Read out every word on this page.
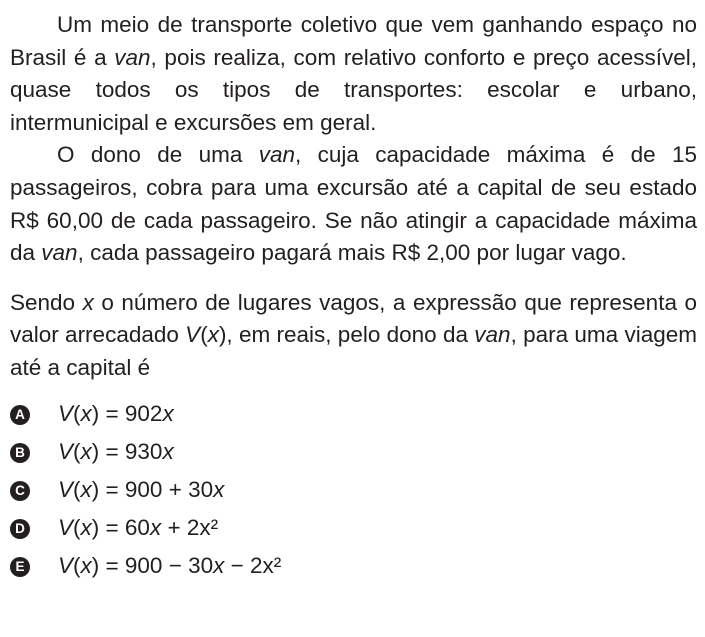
Um meio de transporte coletivo que vem ganhando espaço no Brasil é a van, pois realiza, com relativo conforto e preço acessível, quase todos os tipos de transportes: escolar e urbano, intermunicipal e excursões em geral.

O dono de uma van, cuja capacidade máxima é de 15 passageiros, cobra para uma excursão até a capital de seu estado R$ 60,00 de cada passageiro. Se não atingir a capacidade máxima da van, cada passageiro pagará mais R$ 2,00 por lugar vago.

Sendo x o número de lugares vagos, a expressão que representa o valor arrecadado V(x), em reais, pelo dono da van, para uma viagem até a capital é

A V(x) = 902x
B V(x) = 930x
C V(x) = 900 + 30x
D V(x) = 60x + 2x²
E V(x) = 900 − 30x − 2x²
